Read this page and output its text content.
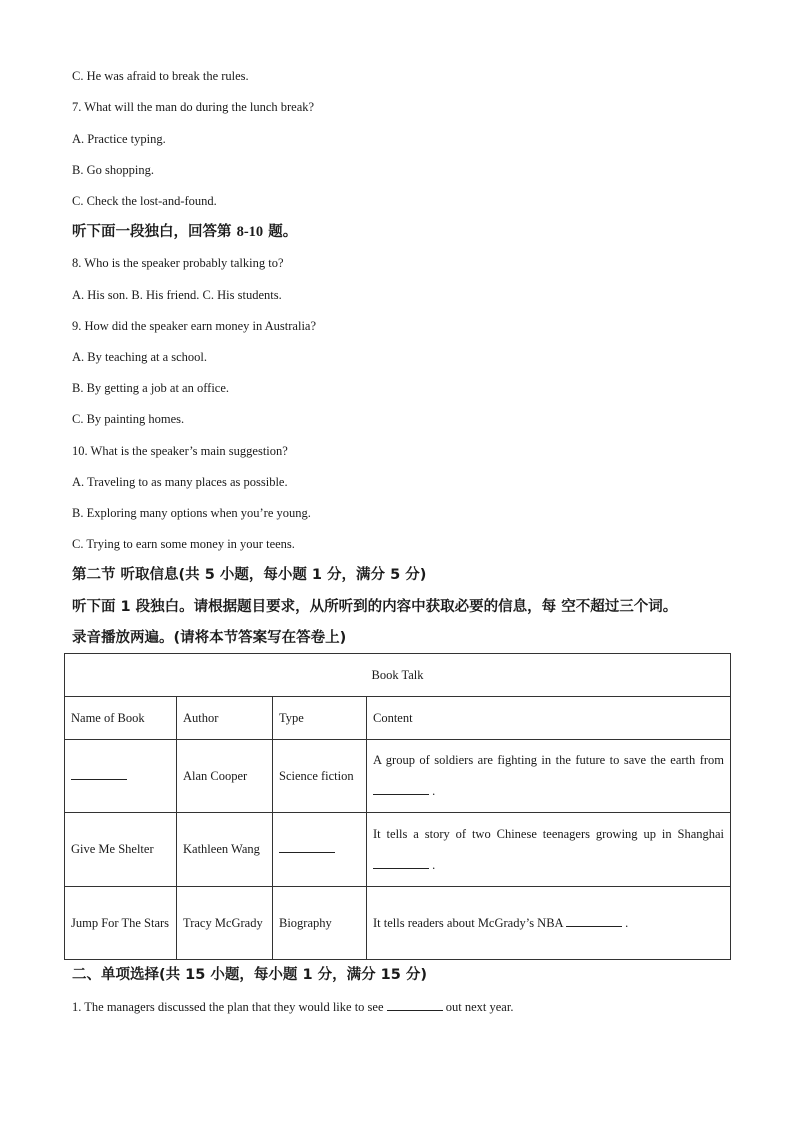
C. He was afraid to break the rules.
7. What will the man do during the lunch break?
A. Practice typing.
B. Go shopping.
C. Check the lost-and-found.
听下面一段独白，回答第 8-10 题。
8. Who is the speaker probably talking to?
A. His son. B. His friend. C. His students.
9. How did the speaker earn money in Australia?
A. By teaching at a school.
B. By getting a job at an office.
C. By painting homes.
10. What is the speaker’s main suggestion?
A. Traveling to as many places as possible.
B. Exploring many options when you’re young.
C. Trying to earn some money in your teens.
第二节 听取信息(共 5 小题，每小题 1 分，满分 5 分)
听下面 1 段独白。请根据题目要求，从所听到的内容中获取必要的信息，每 空不超过三个词。
录音播放两遍。(请将本节答案写在答卷上)
Book Talk			
Name of Book	Author	Type	Content
	Alan Cooper	Science fiction	A group of soldiers are fighting in the future to save the earth from  .
Give Me Shelter	Kathleen Wang		It tells a story of two Chinese teenagers growing up in Shanghai  .
Jump For The Stars	Tracy McGrady	Biography	It tells readers about McGrady’s NBA .
二、单项选择(共 15 小题，每小题 1 分，满分 15 分)
1. The managers discussed the plan that they would like to see	out next year.
